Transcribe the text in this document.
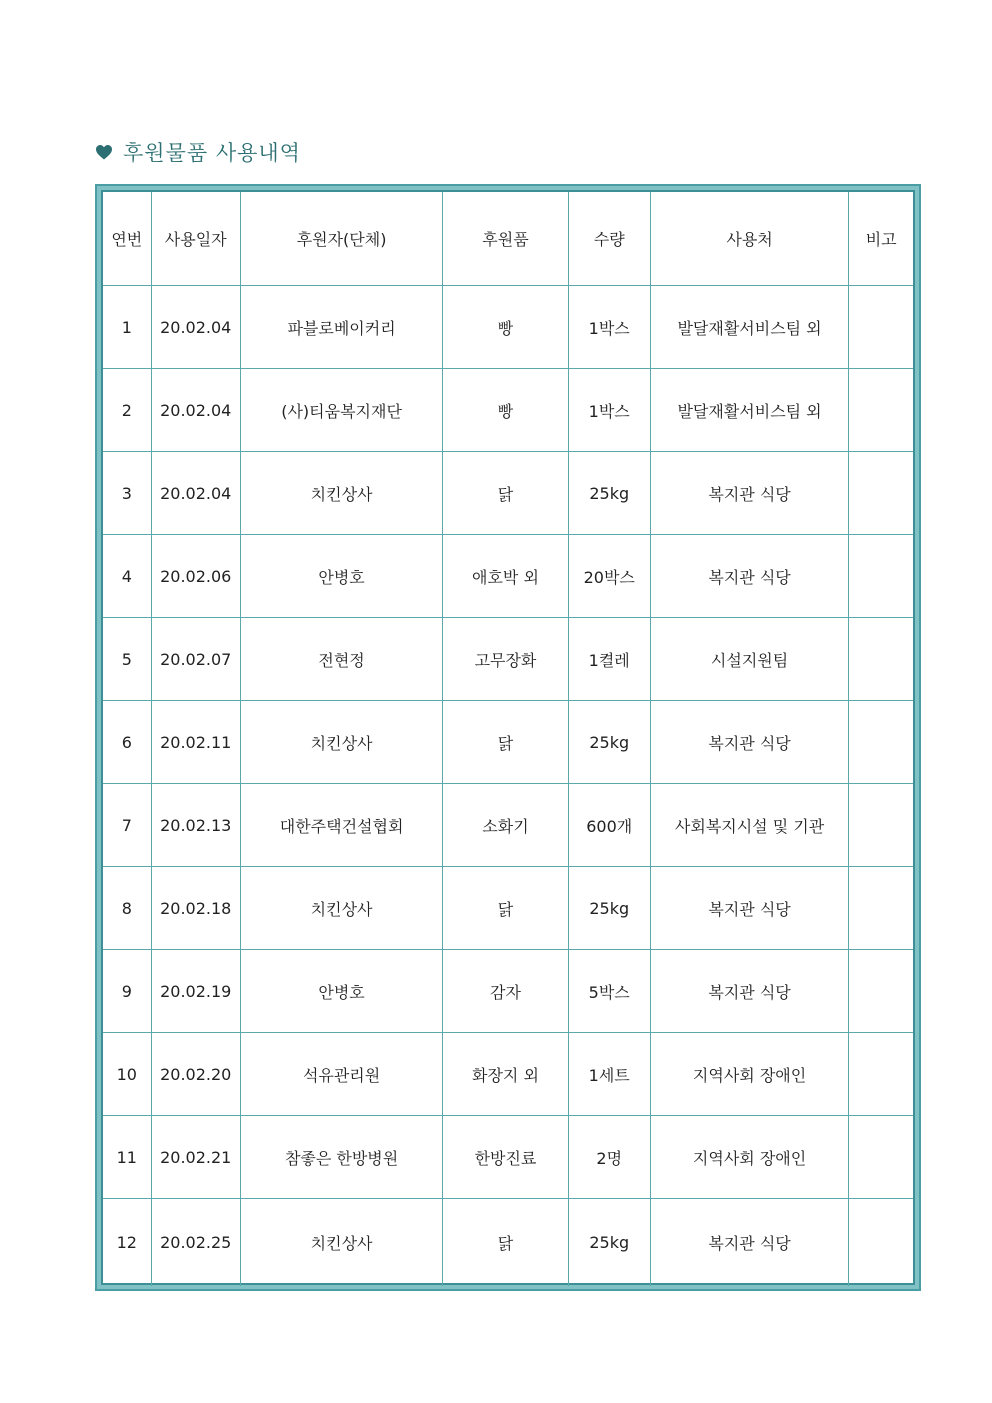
후원물품 사용내역
연번	사용일자	후원자(단체)	후원품	수량	사용처	비고
1	20.02.04	파블로베이커리	빵	1박스	발달재활서비스팀 외	
2	20.02.04	(사)티움복지재단	빵	1박스	발달재활서비스팀 외	
3	20.02.04	치킨상사	닭	25kg	복지관 식당	
4	20.02.06	안병호	애호박 외	20박스	복지관 식당	
5	20.02.07	전현정	고무장화	1켤레	시설지원팀	
6	20.02.11	치킨상사	닭	25kg	복지관 식당	
7	20.02.13	대한주택건설협회	소화기	600개	사회복지시설 및 기관	
8	20.02.18	치킨상사	닭	25kg	복지관 식당	
9	20.02.19	안병호	감자	5박스	복지관 식당	
10	20.02.20	석유관리원	화장지 외	1세트	지역사회 장애인	
11	20.02.21	참좋은 한방병원	한방진료	2명	지역사회 장애인	
12	20.02.25	치킨상사	닭	25kg	복지관 식당	
